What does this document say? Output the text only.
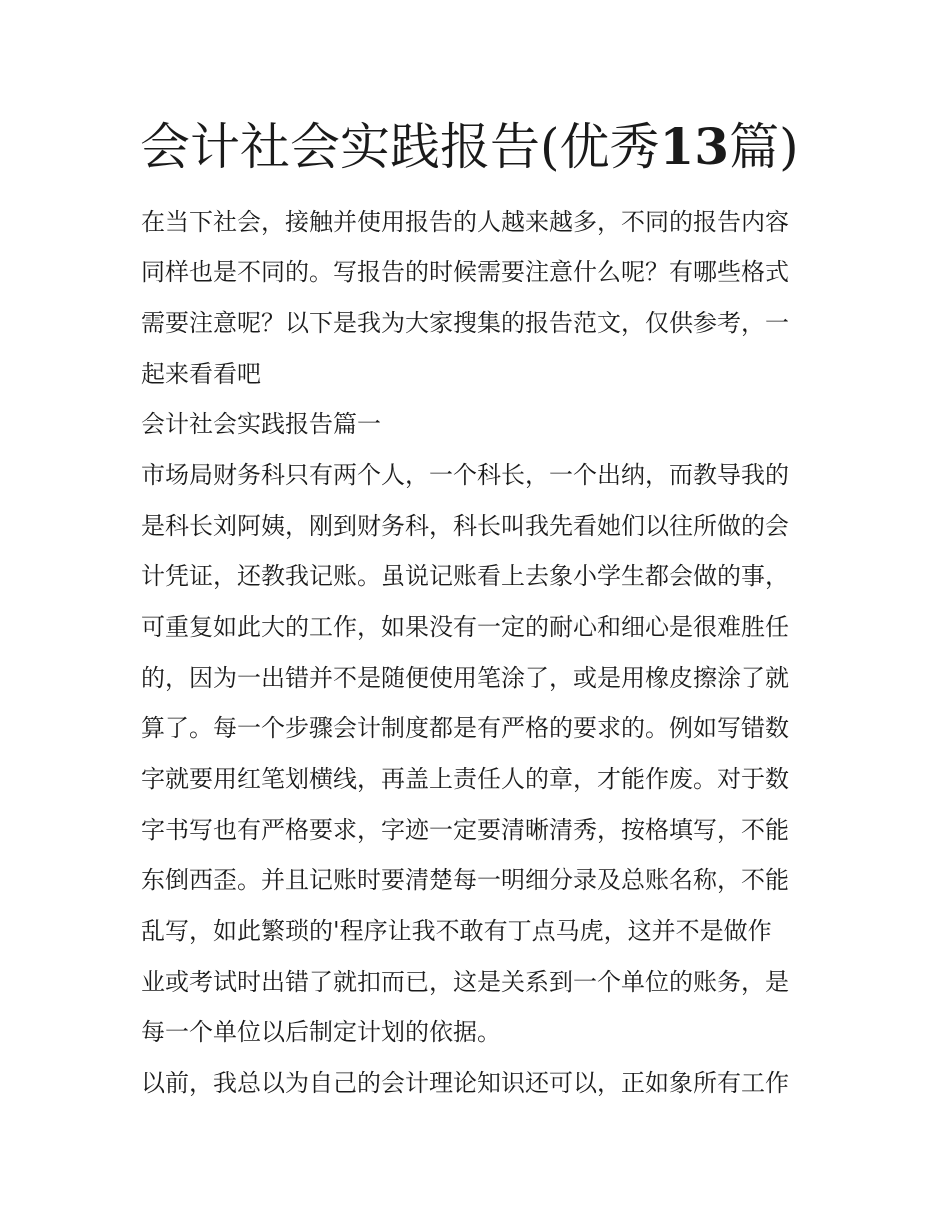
会计社会实践报告(优秀13篇)

在当下社会，接触并使用报告的人越来越多，不同的报告内容

同样也是不同的。写报告的时候需要注意什么呢？有哪些格式

需要注意呢？以下是我为大家搜集的报告范文，仅供参考，一

起来看看吧

会计社会实践报告篇一

市场局财务科只有两个人，一个科长，一个出纳，而教导我的

是科长刘阿姨，刚到财务科，科长叫我先看她们以往所做的会

计凭证，还教我记账。虽说记账看上去象小学生都会做的事，

可重复如此大的工作，如果没有一定的耐心和细心是很难胜任

的，因为一出错并不是随便使用笔涂了，或是用橡皮擦涂了就

算了。每一个步骤会计制度都是有严格的要求的。例如写错数

字就要用红笔划横线，再盖上责任人的章，才能作废。对于数

字书写也有严格要求，字迹一定要清晰清秀，按格填写，不能

东倒西歪。并且记账时要清楚每一明细分录及总账名称，不能

乱写，如此繁琐的'程序让我不敢有丁点马虎，这并不是做作

业或考试时出错了就扣而已，这是关系到一个单位的账务，是

每一个单位以后制定计划的依据。

以前，我总以为自己的会计理论知识还可以，正如象所有工作
